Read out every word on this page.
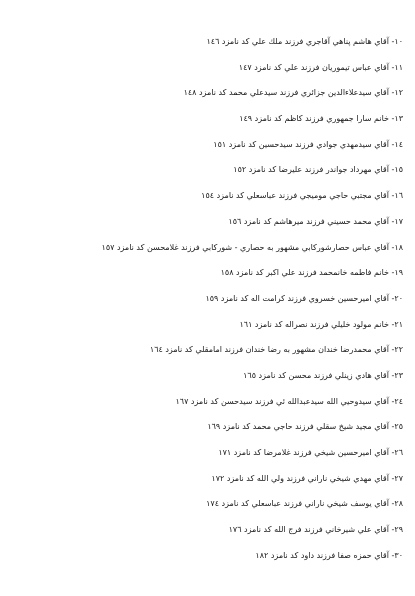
١٠- آقاي هاشم پناهي آقاجري فرزند ملك علي كد نامزد ١٤٦
١١- آقاي عباس تيموريان فرزند علي كد نامزد ١٤٧
١٢- آقاي سيدعلاءالدين جزائري فرزند سيدعلي محمد كد نامزد ١٤٨
١٣- خانم سارا جمهوري فرزند كاظم كد نامزد ١٤٩
١٤- آقاي سيدمهدي جوادي فرزند سيدحسين كد نامزد ١٥١
١٥- آقاي مهرداد جواندر فرزند عليرضا كد نامزد ١٥٢
١٦- آقاي مجتبي حاجي موميجي فرزند عباسعلي كد نامزد ١٥٤
١٧- آقاي محمد حسيني فرزند ميرهاشم كد نامزد ١٥٦
١٨- آقاي عباس حصارشوركابي مشهور به حصاري - شوركابي فرزند غلامحسن كد نامزد ١٥٧
١٩- خانم فاطمه خانمحمد فرزند علي اكبر كد نامزد ١٥٨
٢٠- آقاي اميرحسين خسروي فرزند كرامت اله كد نامزد ١٥٩
٢١- خانم مولود خليلي فرزند نصراله كد نامزد ١٦١
٢٢- آقاي محمدرضا خندان مشهور به رضا خندان فرزند امامقلي كد نامزد ١٦٤
٢٣- آقاي هادي زينلي فرزند محسن كد نامزد ١٦٥
٢٤- آقاي سيدوحيي الله سيدعبدالله ئي فرزند سيدحسن كد نامزد ١٦٧
٢٥- آقاي مجيد شيخ سقلي فرزند حاجي محمد كد نامزد ١٦٩
٢٦- آقاي اميرحسين شيخي فرزند غلامرضا كد نامزد ١٧١
٢٧- آقاي مهدي شيخي ناراني فرزند ولي الله كد نامزد ١٧٢
٢٨- آقاي يوسف شيخي ناراني فرزند عباسعلي كد نامزد ١٧٤
٢٩- آقاي علي شيرخاني فرزند فرج الله كد نامزد ١٧٦
٣٠- آقاي حمزه صفا فرزند داود كد نامزد ١٨٢
